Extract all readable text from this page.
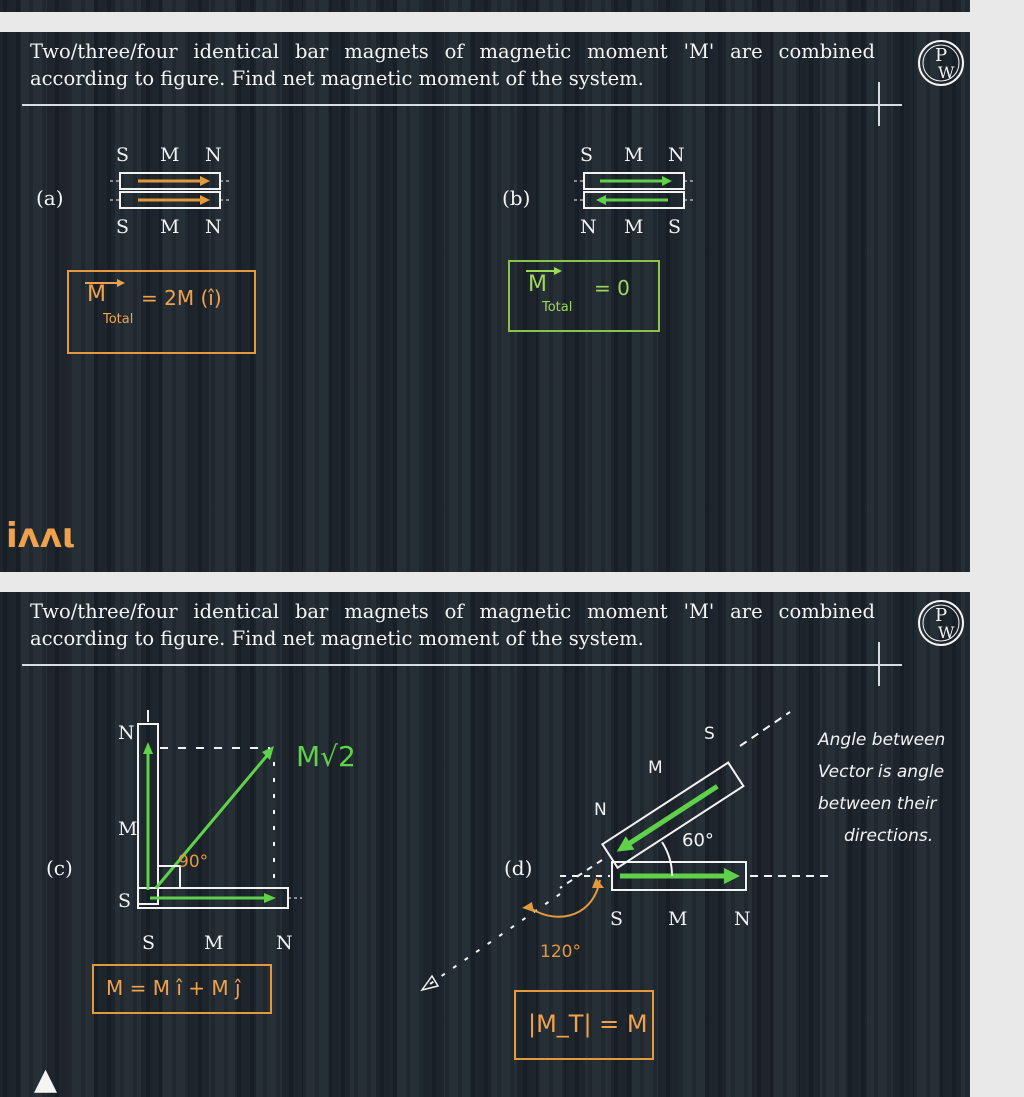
Two/three/four identical bar magnets of magnetic moment 'M' are combined according to figure. Find net magnetic moment of the system.

P
W
(a)
S M N
S M N
M
Total
= 2M (î)
(b)
S M N
N M S
M
Total
= 0
iᴧᴧι

Two/three/four identical bar magnets of magnetic moment 'M' are combined according to figure. Find net magnetic moment of the system.

P
W
(c)
N
M
S
S	M	N
90°
M√2
M = M î + M ĵ
(d)
S
M
N
S M N
60°
120°
|M_T| = M
Angle between
Vector is angle
between their
directions.
▲
